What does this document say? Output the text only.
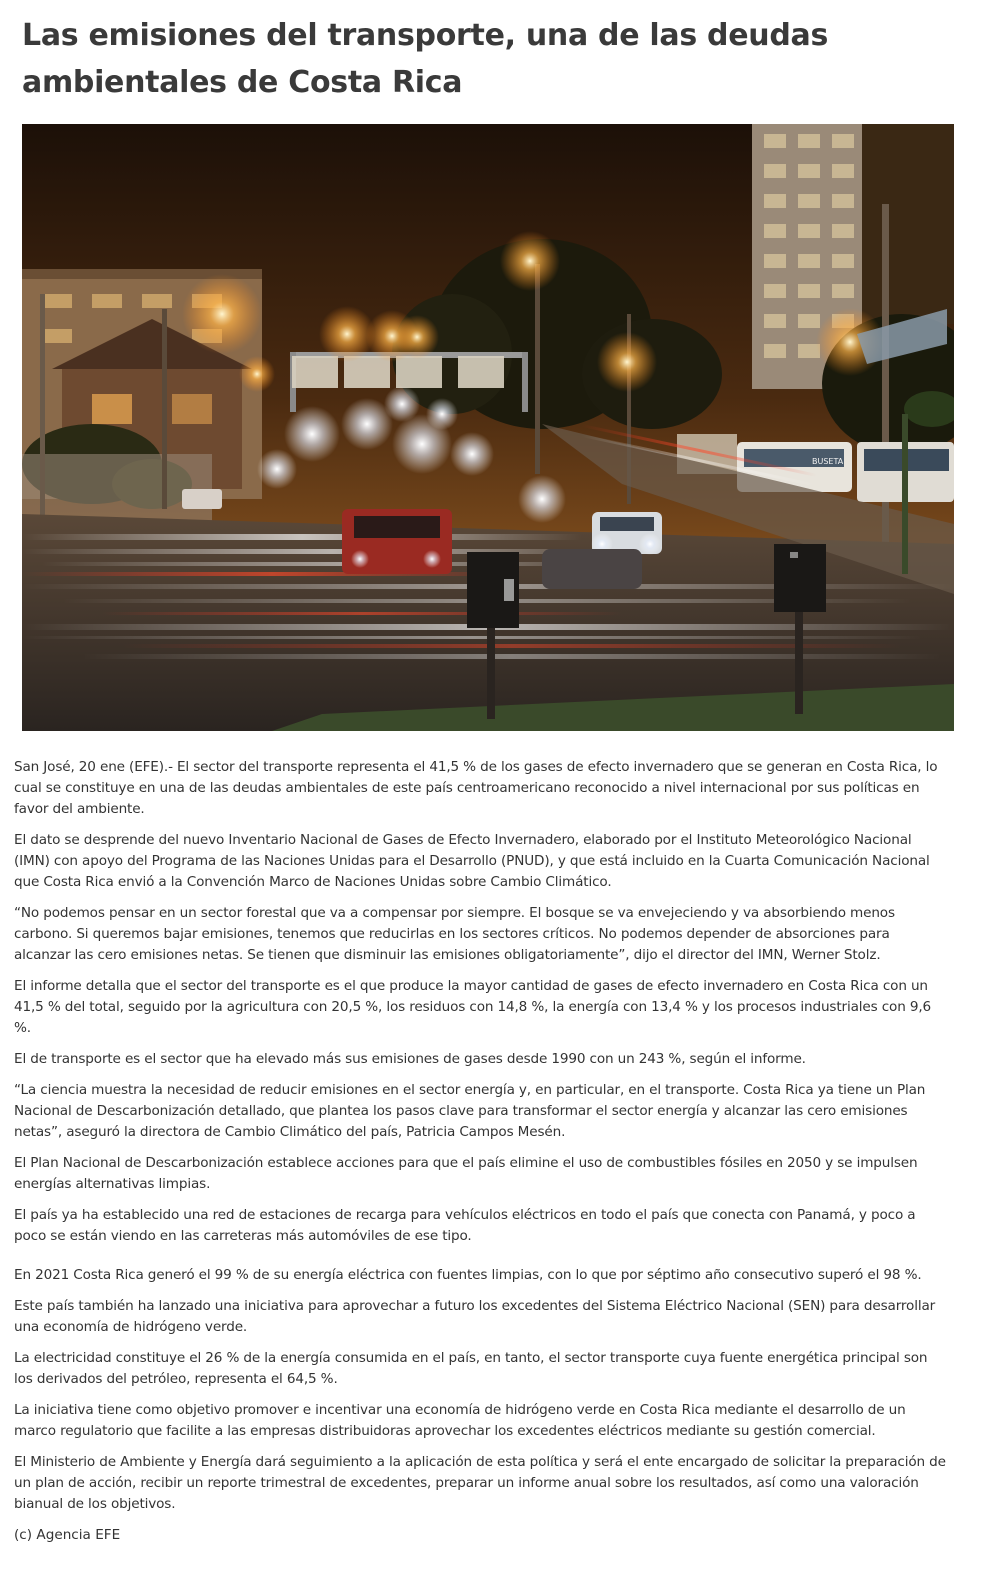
Las emisiones del transporte, una de las deudas ambientales de Costa Rica
BUSETA

San José, 20 ene (EFE).- El sector del transporte representa el 41,5 % de los gases de efecto invernadero que se generan en Costa Rica, lo cual se constituye en una de las deudas ambientales de este país centroamericano reconocido a nivel internacional por sus políticas en favor del ambiente.

El dato se desprende del nuevo Inventario Nacional de Gases de Efecto Invernadero, elaborado por el Instituto Meteorológico Nacional (IMN) con apoyo del Programa de las Naciones Unidas para el Desarrollo (PNUD), y que está incluido en la Cuarta Comunicación Nacional que Costa Rica envió a la Convención Marco de Naciones Unidas sobre Cambio Climático.

“No podemos pensar en un sector forestal que va a compensar por siempre. El bosque se va envejeciendo y va absorbiendo menos carbono. Si queremos bajar emisiones, tenemos que reducirlas en los sectores críticos. No podemos depender de absorciones para alcanzar las cero emisiones netas. Se tienen que disminuir las emisiones obligatoriamente”, dijo el director del IMN, Werner Stolz.

El informe detalla que el sector del transporte es el que produce la mayor cantidad de gases de efecto invernadero en Costa Rica con un 41,5 % del total, seguido por la agricultura con 20,5 %, los residuos con 14,8 %, la energía con 13,4 % y los procesos industriales con 9,6 %.

El de transporte es el sector que ha elevado más sus emisiones de gases desde 1990 con un 243 %, según el informe.

“La ciencia muestra la necesidad de reducir emisiones en el sector energía y, en particular, en el transporte. Costa Rica ya tiene un Plan Nacional de Descarbonización detallado, que plantea los pasos clave para transformar el sector energía y alcanzar las cero emisiones netas”, aseguró la directora de Cambio Climático del país, Patricia Campos Mesén.

El Plan Nacional de Descarbonización establece acciones para que el país elimine el uso de combustibles fósiles en 2050 y se impulsen energías alternativas limpias.

El país ya ha establecido una red de estaciones de recarga para vehículos eléctricos en todo el país que conecta con Panamá, y poco a poco se están viendo en las carreteras más automóviles de ese tipo.

En 2021 Costa Rica generó el 99 % de su energía eléctrica con fuentes limpias, con lo que por séptimo año consecutivo superó el 98 %.

Este país también ha lanzado una iniciativa para aprovechar a futuro los excedentes del Sistema Eléctrico Nacional (SEN) para desarrollar una economía de hidrógeno verde.

La electricidad constituye el 26 % de la energía consumida en el país, en tanto, el sector transporte cuya fuente energética principal son los derivados del petróleo, representa el 64,5 %.

La iniciativa tiene como objetivo promover e incentivar una economía de hidrógeno verde en Costa Rica mediante el desarrollo de un marco regulatorio que facilite a las empresas distribuidoras aprovechar los excedentes eléctricos mediante su gestión comercial.

El Ministerio de Ambiente y Energía dará seguimiento a la aplicación de esta política y será el ente encargado de solicitar la preparación de un plan de acción, recibir un reporte trimestral de excedentes, preparar un informe anual sobre los resultados, así como una valoración bianual de los objetivos.

(c) Agencia EFE
